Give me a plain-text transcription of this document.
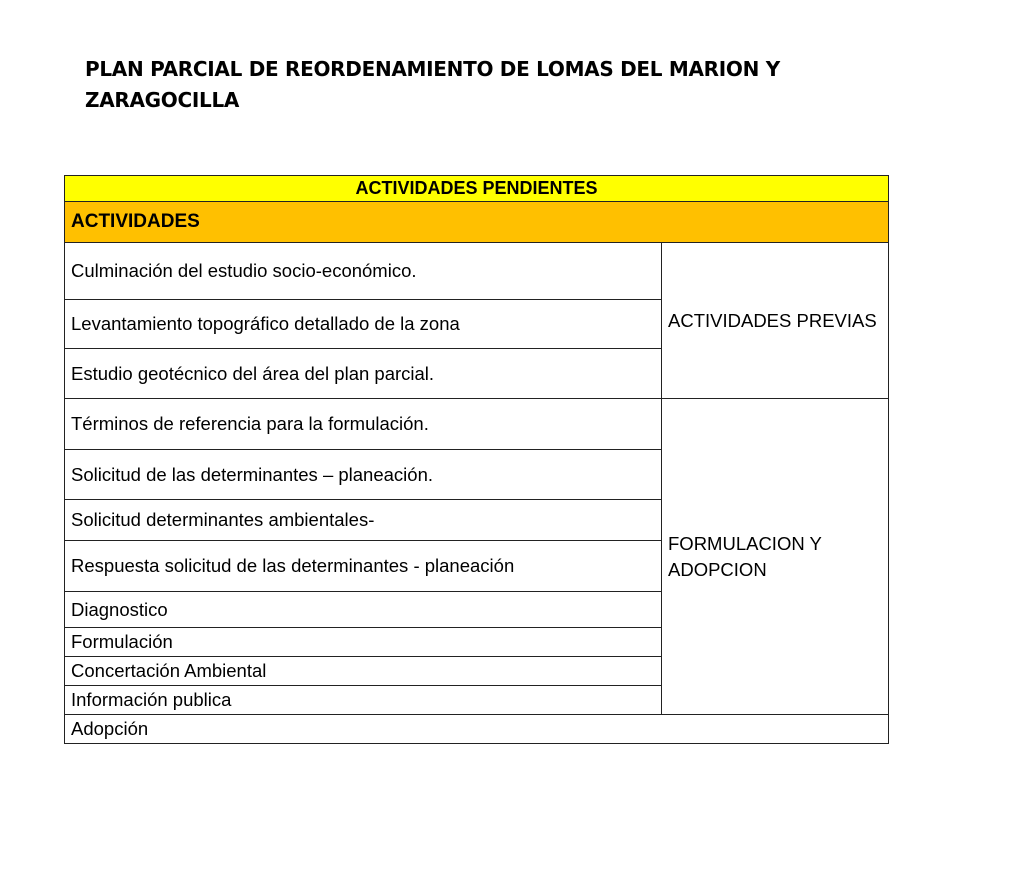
PLAN PARCIAL DE REORDENAMIENTO DE LOMAS DEL MARION Y ZARAGOCILLA
ACTIVIDADES PENDIENTES	
ACTIVIDADES	
Culminación del estudio socio-económico.	ACTIVIDADES PREVIAS
Levantamiento topográfico detallado de la zona	
Estudio geotécnico del área del plan parcial.	
Términos de referencia para la formulación.	FORMULACION Y ADOPCION
Solicitud de las determinantes – planeación.	
Solicitud determinantes ambientales-	
Respuesta solicitud de las determinantes - planeación	
Diagnostico	
Formulación	
Concertación Ambiental	
Información publica	
Adopción	
